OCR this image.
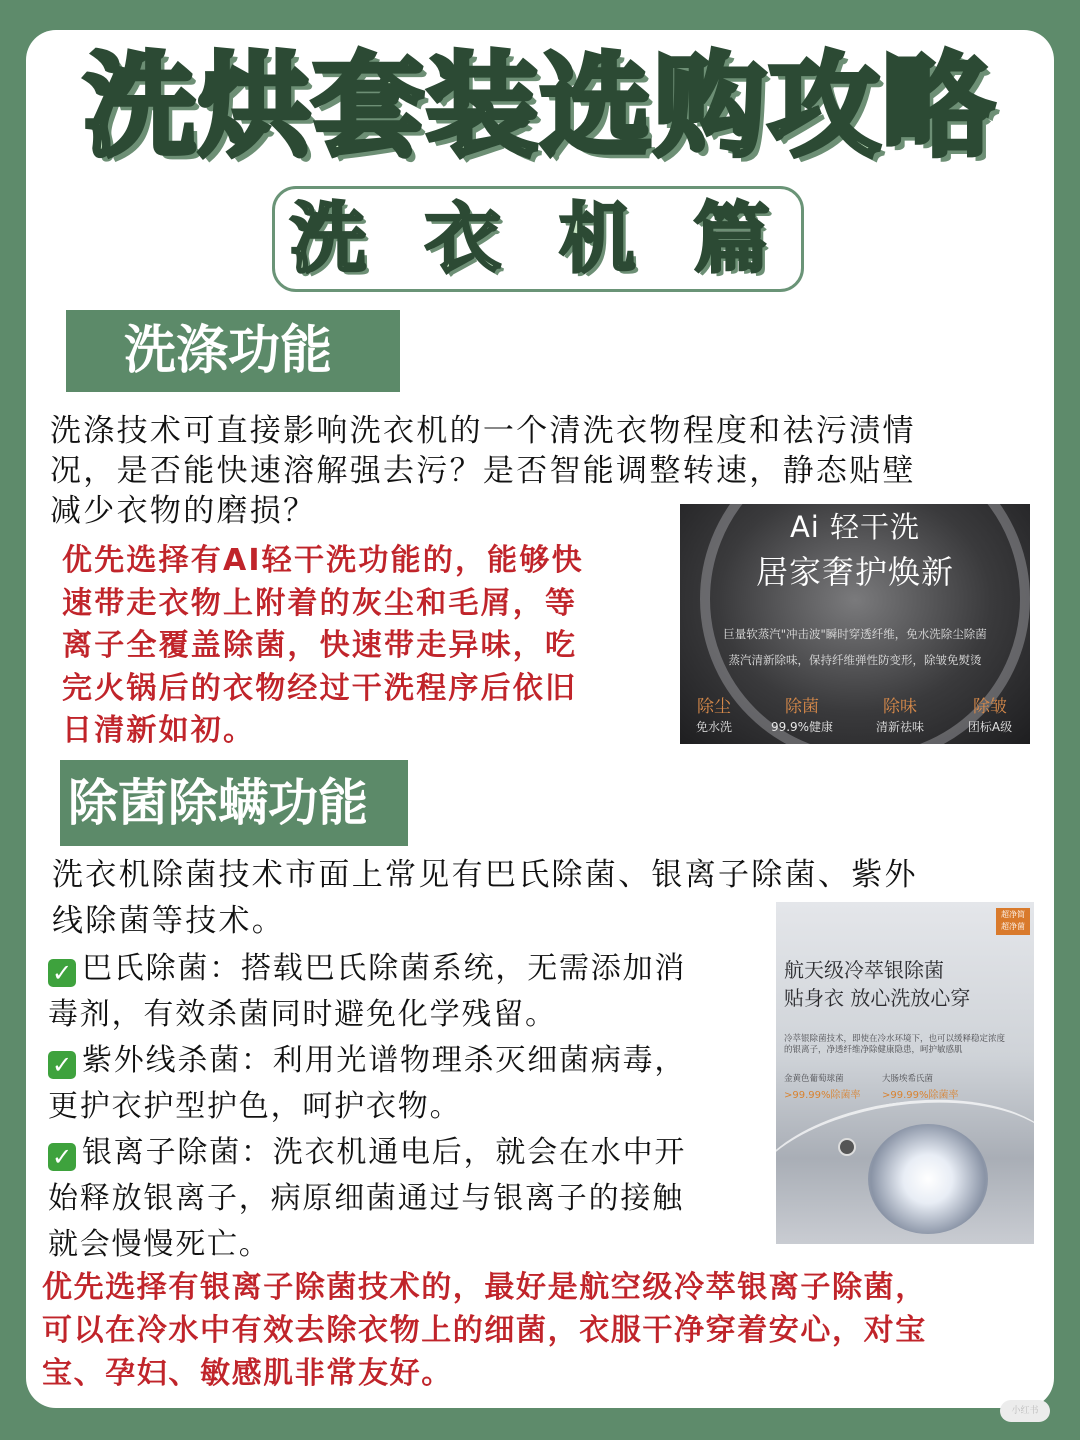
洗烘套装选购攻略
洗 衣 机 篇
洗涤功能
洗涤技术可直接影响洗衣机的一个清洗衣物程度和祛污渍情
况，是否能快速溶解强去污？是否智能调整转速，静态贴壁
减少衣物的磨损？
优先选择有AI轻干洗功能的，能够快
速带走衣物上附着的灰尘和毛屑，等
离子全覆盖除菌，快速带走异味，吃
完火锅后的衣物经过干洗程序后依旧
日清新如初。
Ai 轻干洗
居家奢护焕新
巨量软蒸汽"冲击波"瞬时穿透纤维，免水洗除尘除菌
蒸汽清新除味，保持纤维弹性防变形，除皱免熨烫
除尘	除菌	除味	除皱
免水洗	99.9%健康	清新祛味	团标A级
除菌除螨功能
洗衣机除菌技术市面上常见有巴氏除菌、银离子除菌、紫外
线除菌等技术。
✓ 巴氏除菌：搭载巴氏除菌系统，无需添加消
毒剂，有效杀菌同时避免化学残留。
✓ 紫外线杀菌：利用光谱物理杀灭细菌病毒，
更护衣护型护色，呵护衣物。
✓ 银离子除菌：洗衣机通电后，就会在水中开
始释放银离子，病原细菌通过与银离子的接触
就会慢慢死亡。
超净简
超净菌
航天级冷萃银除菌
贴身衣 放心洗放心穿
冷萃银除菌技术，即使在冷水环境下，也可以缓释稳定浓度
的银离子，净透纤维净除健康隐患，呵护敏感肌
金黄色葡萄球菌	大肠埃希氏菌
>99.99%除菌率 >99.99%除菌率
优先选择有银离子除菌技术的，最好是航空级冷萃银离子除菌，
可以在冷水中有效去除衣物上的细菌，衣服干净穿着安心，对宝
宝、孕妇、敏感肌非常友好。
小红书
